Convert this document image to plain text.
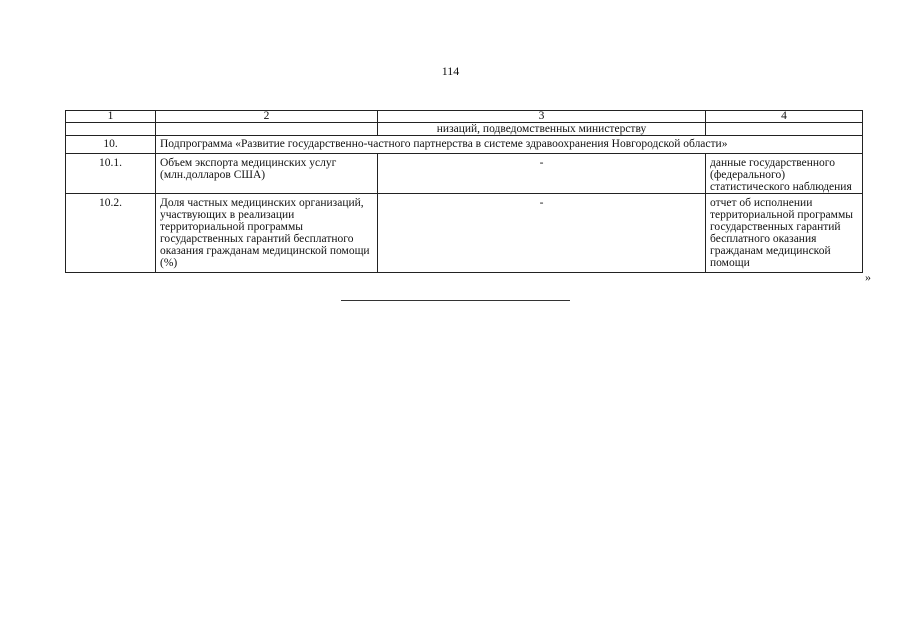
114
1	2	3	4
		низаций, подведомственных министерству	
10.	Подпрограмма «Развитие государственно-частного партнерства в системе здравоохранения Новгородской области»		
10.1.	Объем экспорта медицинских услуг (млн.долларов США)	-	данные государственного (федерального) статистического наблюдения
10.2.	Доля частных медицинских организаций, участвующих в реализации территориальной программы государственных гарантий бесплатного оказания гражданам медицинской помощи (%)	-	отчет об исполнении территориальной программы государственных гарантий бесплатного оказания гражданам медицинской помощи
»
